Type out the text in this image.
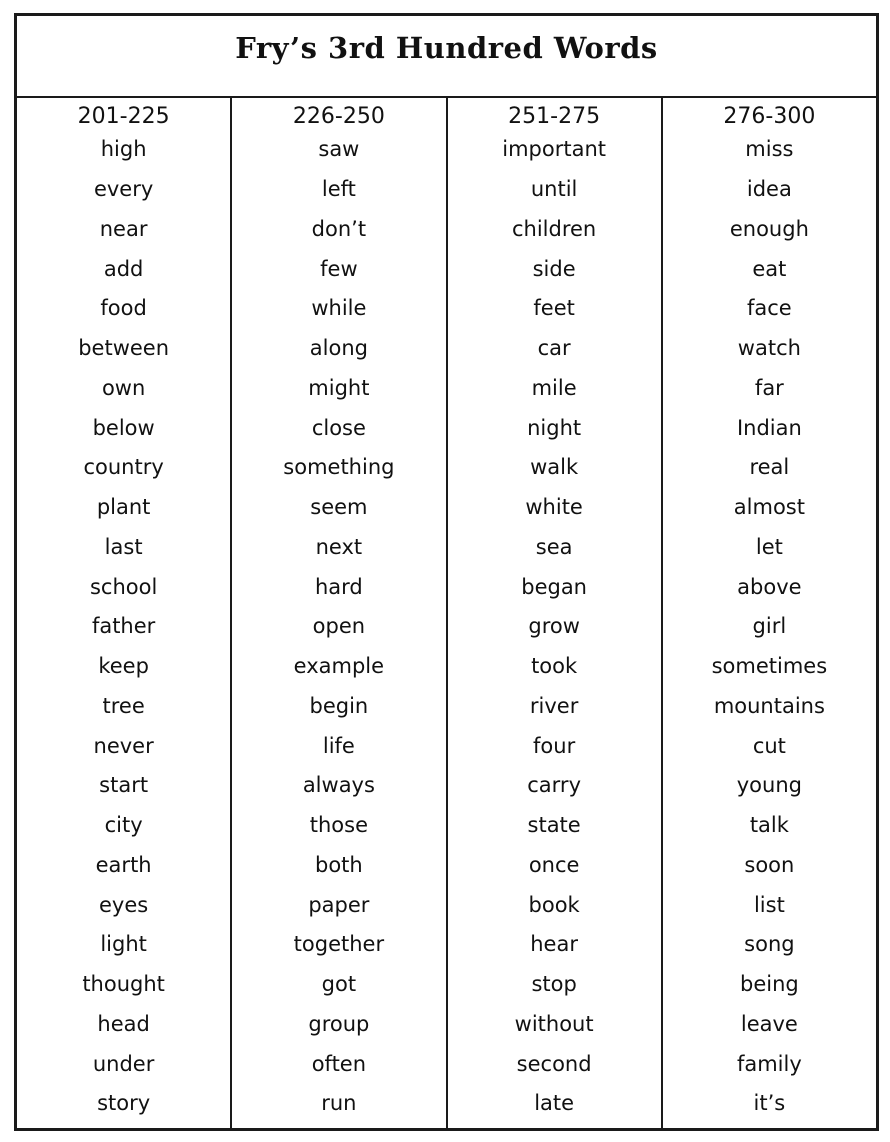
Fry’s 3rd Hundred Words
201-225
high
every
near
add
food
between
own
below
country
plant
last
school
father
keep
tree
never
start
city
earth
eyes
light
thought
head
under
story
226-250
saw
left
don’t
few
while
along
might
close
something
seem
next
hard
open
example
begin
life
always
those
both
paper
together
got
group
often
run
251-275
important
until
children
side
feet
car
mile
night
walk
white
sea
began
grow
took
river
four
carry
state
once
book
hear
stop
without
second
late
276-300
miss
idea
enough
eat
face
watch
far
Indian
real
almost
let
above
girl
sometimes
mountains
cut
young
talk
soon
list
song
being
leave
family
it’s
